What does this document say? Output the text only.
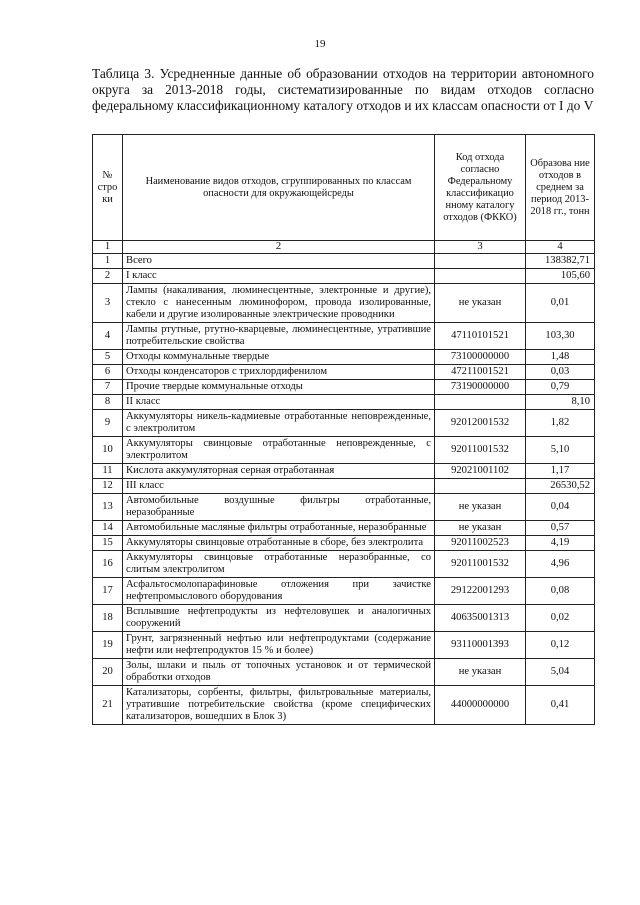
19
Таблица 3. Усредненные данные об образовании отходов на территории автономного округа за 2013-2018 годы, систематизированные по видам отходов согласно федеральному классификационному каталогу отходов и их классам опасности от I до V
№ стро ки	Наименование видов отходов, сгруппированных по классам опасности для окружающейсреды	Код отхода согласно Федеральному классификацио нному каталогу отходов (ФККО)	Образова ние отходов в среднем за период 2013-2018 гг., тонн
1	2	3	4
1	Всего		138382,71
2	I класс		105,60
3	Лампы (накаливания, люминесцентные, электронные и другие), стекло с нанесенным люминофором, провода изолированные, кабели и другие изолированные электрические проводники	не указан	0,01
4	Лампы ртутные, ртутно-кварцевые, люминесцентные, утратившие потребительские свойства	47110101521	103,30
5	Отходы коммунальные твердые	73100000000	1,48
6	Отходы конденсаторов с трихлордифенилом	47211001521	0,03
7	Прочие твердые коммунальные отходы	73190000000	0,79
8	II класс		8,10
9	Аккумуляторы никель-кадмиевые отработанные неповрежденные, с электролитом	92012001532	1,82
10	Аккумуляторы свинцовые отработанные неповрежденные, с электролитом	92011001532	5,10
11	Кислота аккумуляторная серная отработанная	92021001102	1,17
12	III класс		26530,52
13	Автомобильные воздушные фильтры отработанные, неразобранные	не указан	0,04
14	Автомобильные масляные фильтры отработанные, неразобранные	не указан	0,57
15	Аккумуляторы свинцовые отработанные в сборе, без электролита	92011002523	4,19
16	Аккумуляторы свинцовые отработанные неразобранные, со слитым электролитом	92011001532	4,96
17	Асфальтосмолопарафиновые отложения при зачистке нефтепромыслового оборудования	29122001293	0,08
18	Всплывшие нефтепродукты из нефтеловушек и аналогичных сооружений	40635001313	0,02
19	Грунт, загрязненный нефтью или нефтепродуктами (содержание нефти или нефтепродуктов 15 % и более)	93110001393	0,12
20	Золы, шлаки и пыль от топочных установок и от термической обработки отходов	не указан	5,04
21	Катализаторы, сорбенты, фильтры, фильтровальные материалы, утратившие потребительские свойства (кроме специфических катализаторов, вошедших в Блок 3)	44000000000	0,41
